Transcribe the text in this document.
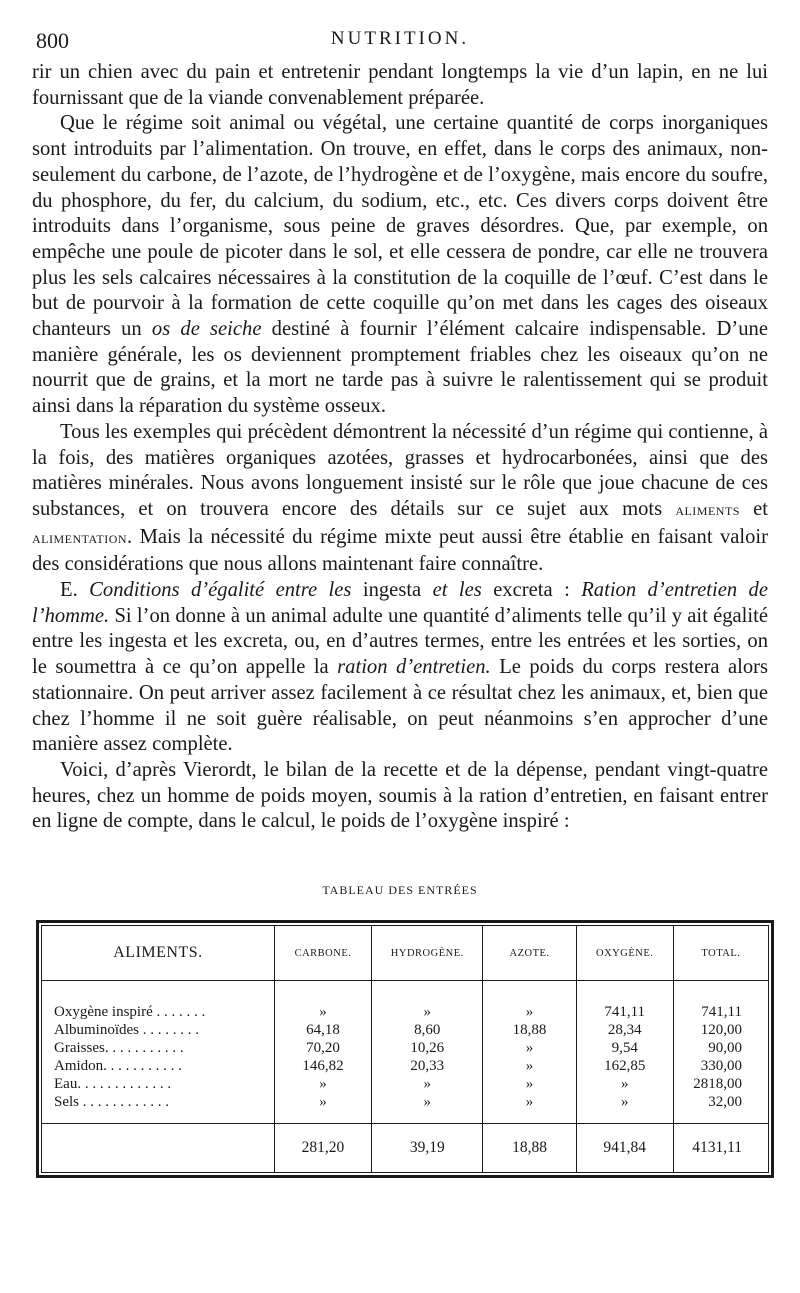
800	NUTRITION.

rir un chien avec du pain et entretenir pendant longtemps la vie d’un lapin, en ne lui fournissant que de la viande convenablement préparée.

Que le régime soit animal ou végétal, une certaine quantité de corps inorganiques sont introduits par l’alimentation. On trouve, en effet, dans le corps des animaux, non-seulement du carbone, de l’azote, de l’hydrogène et de l’oxygène, mais encore du soufre, du phosphore, du fer, du calcium, du sodium, etc., etc. Ces divers corps doivent être introduits dans l’organisme, sous peine de graves désordres. Que, par exemple, on empêche une poule de picoter dans le sol, et elle cessera de pondre, car elle ne trouvera plus les sels calcaires nécessaires à la constitution de la coquille de l’œuf. C’est dans le but de pourvoir à la formation de cette coquille qu’on met dans les cages des oiseaux chanteurs un os de seiche destiné à fournir l’élément calcaire indispensable. D’une manière générale, les os deviennent promptement friables chez les oiseaux qu’on ne nourrit que de grains, et la mort ne tarde pas à suivre le ralentissement qui se produit ainsi dans la réparation du système osseux.

Tous les exemples qui précèdent démontrent la nécessité d’un régime qui contienne, à la fois, des matières organiques azotées, grasses et hydrocarbonées, ainsi que des matières minérales. Nous avons longuement insisté sur le rôle que joue chacune de ces substances, et on trouvera encore des détails sur ce sujet aux mots ALIMENTS et ALIMENTATION. Mais la nécessité du régime mixte peut aussi être établie en faisant valoir des considérations que nous allons maintenant faire connaître.

E. Conditions d’égalité entre les ingesta et les excreta : Ration d’entretien de l’homme. Si l’on donne à un animal adulte une quantité d’aliments telle qu’il y ait égalité entre les ingesta et les excreta, ou, en d’autres termes, entre les entrées et les sorties, on le soumettra à ce qu’on appelle la ration d’entretien. Le poids du corps restera alors stationnaire. On peut arriver assez facilement à ce résultat chez les animaux, et, bien que chez l’homme il ne soit guère réalisable, on peut néanmoins s’en approcher d’une manière assez complète.

Voici, d’après Vierordt, le bilan de la recette et de la dépense, pendant vingt-quatre heures, chez un homme de poids moyen, soumis à la ration d’entretien, en faisant entrer en ligne de compte, dans le calcul, le poids de l’oxygène inspiré :

TABLEAU DES ENTRÉES
ALIMENTS.	CARBONE.	HYDROGÈNE.	AZOTE.	OXYGÈNE.	TOTAL.
Oxygène inspiré . . . . . . .	»	»	»	741,11	741,11
Albuminoïdes . . . . . . . .	64,18	8,60	18,88	28,34	120,00
Graisses. . . . . . . . . . .	70,20	10,26	»	9,54	90,00
Amidon. . . . . . . . . . .	146,82	20,33	»	162,85	330,00
Eau. . . . . . . . . . . . .	»	»	»	»	2818,00
Sels . . . . . . . . . . . .	»	»	»	»	32,00
	281,20	39,19	18,88	941,84	4131,11
